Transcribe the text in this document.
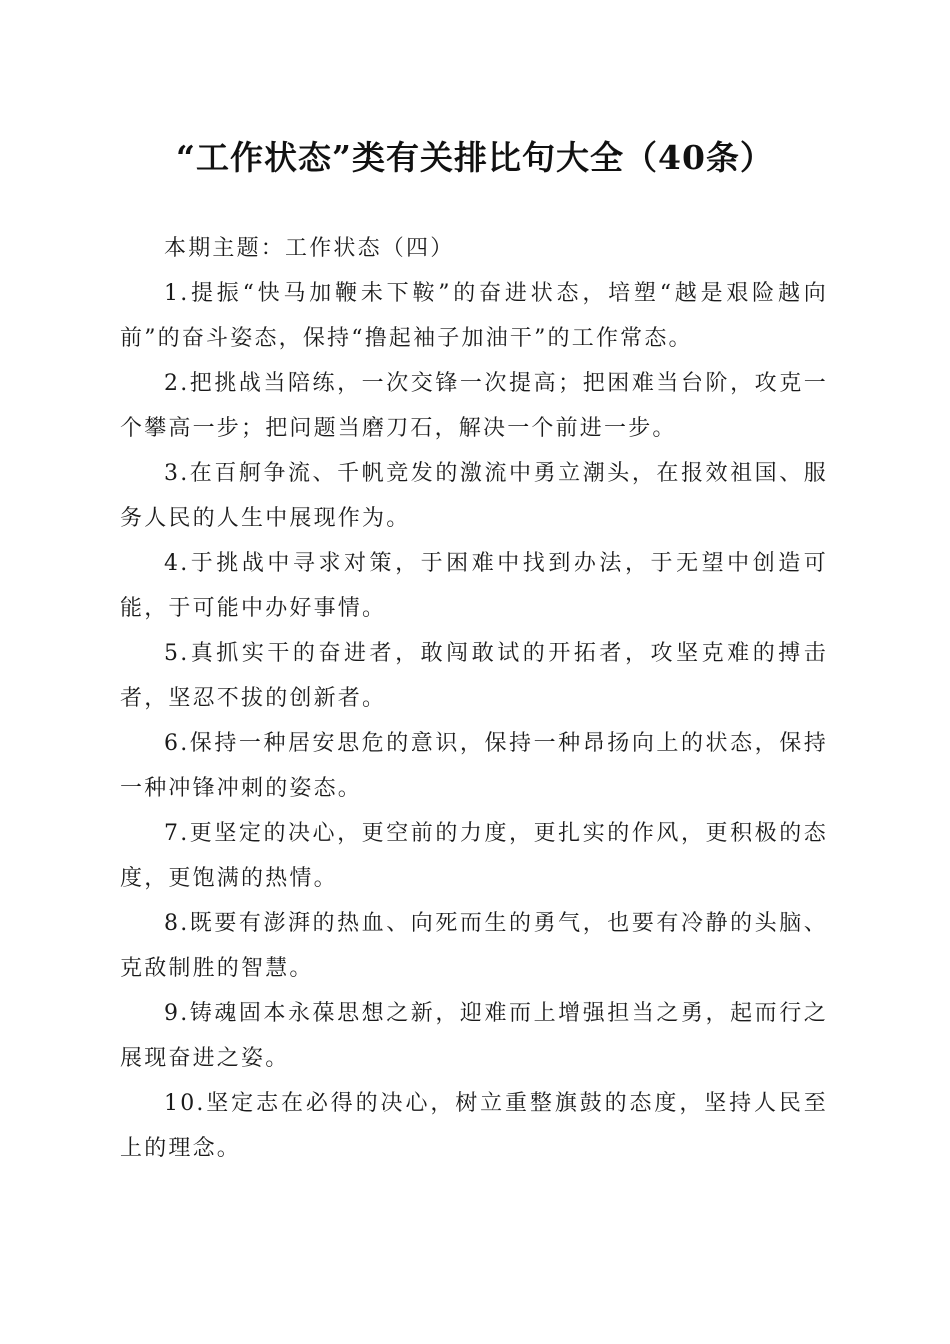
“工作状态”类有关排比句大全（40条）

本期主题：工作状态（四）

1.提振“快马加鞭未下鞍”的奋进状态，培塑“越是艰险越向前”的奋斗姿态，保持“撸起袖子加油干”的工作常态。

2.把挑战当陪练，一次交锋一次提高；把困难当台阶，攻克一个攀高一步；把问题当磨刀石，解决一个前进一步。

3.在百舸争流、千帆竞发的激流中勇立潮头，在报效祖国、服务人民的人生中展现作为。

4.于挑战中寻求对策，于困难中找到办法，于无望中创造可能，于可能中办好事情。

5.真抓实干的奋进者，敢闯敢试的开拓者，攻坚克难的搏击者，坚忍不拔的创新者。

6.保持一种居安思危的意识，保持一种昂扬向上的状态，保持一种冲锋冲刺的姿态。

7.更坚定的决心，更空前的力度，更扎实的作风，更积极的态度，更饱满的热情。

8.既要有澎湃的热血、向死而生的勇气，也要有冷静的头脑、克敌制胜的智慧。

9.铸魂固本永葆思想之新，迎难而上增强担当之勇，起而行之展现奋进之姿。

10.坚定志在必得的决心，树立重整旗鼓的态度，坚持人民至上的理念。
